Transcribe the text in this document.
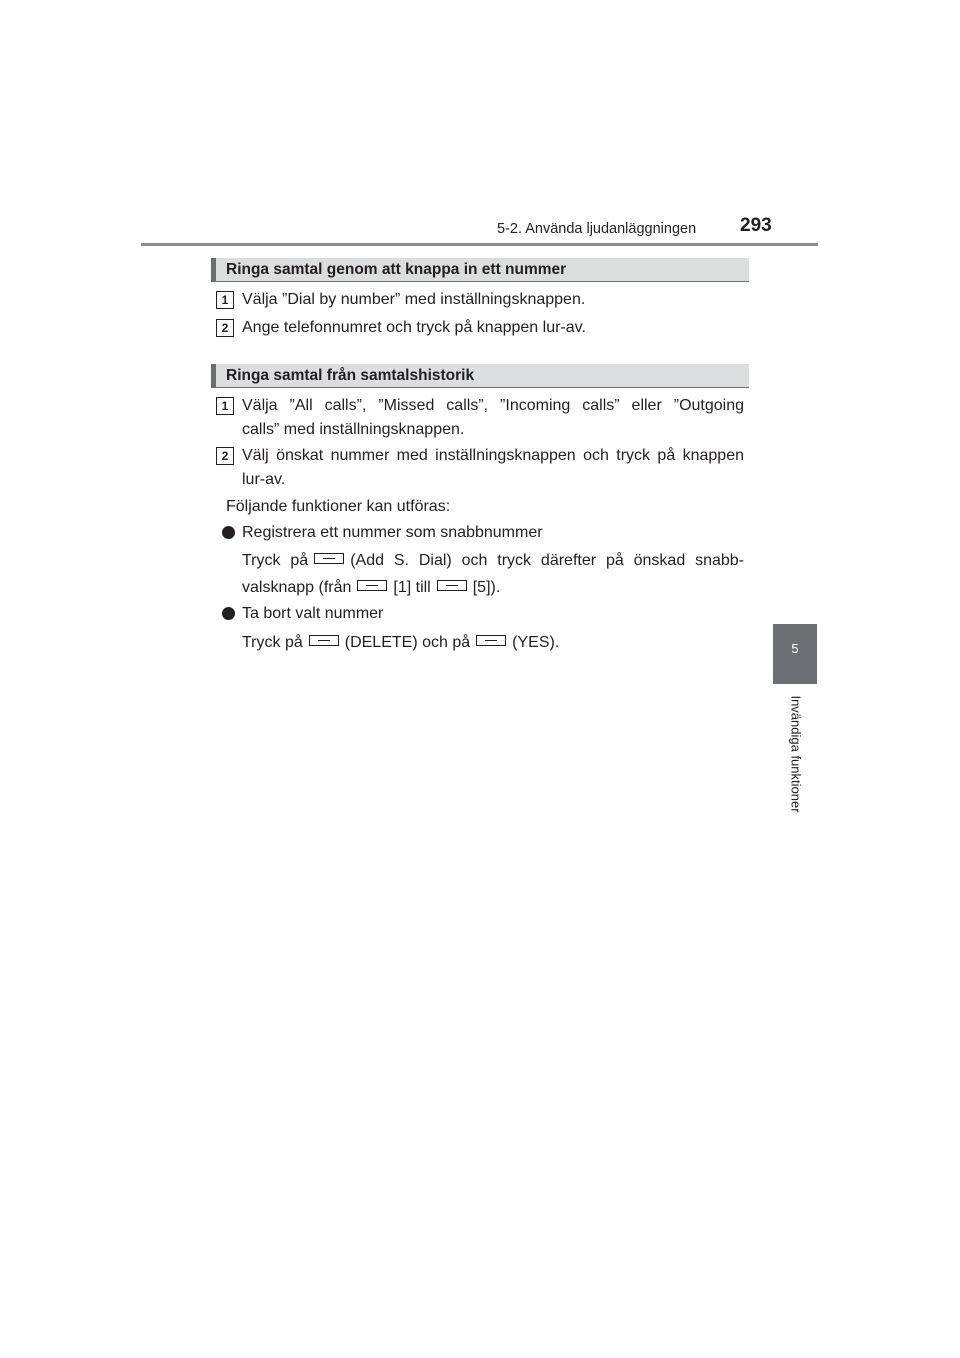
5-2. Använda ljudanläggningen 293
5
Invändiga funktioner
Ringa samtal genom att knappa in ett nummer
1 Välja ”Dial by number” med inställningsknappen.
2 Ange telefonnumret och tryck på knappen lur-av.
Ringa samtal från samtalshistorik
1 Välja ”All calls”, ”Missed calls”, ”Incoming calls” eller ”Outgoing
calls” med inställningsknappen.
2 Välj önskat nummer med inställningsknappen och tryck på knappen
lur-av.
Följande funktioner kan utföras:
Registrera ett nummer som snabbnummer
Tryck på	(Add S. Dial) och tryck därefter på önskad snabb-
valsknapp (från	[1] till	[5]).
Ta bort valt nummer
Tryck på	(DELETE) och på	(YES).
